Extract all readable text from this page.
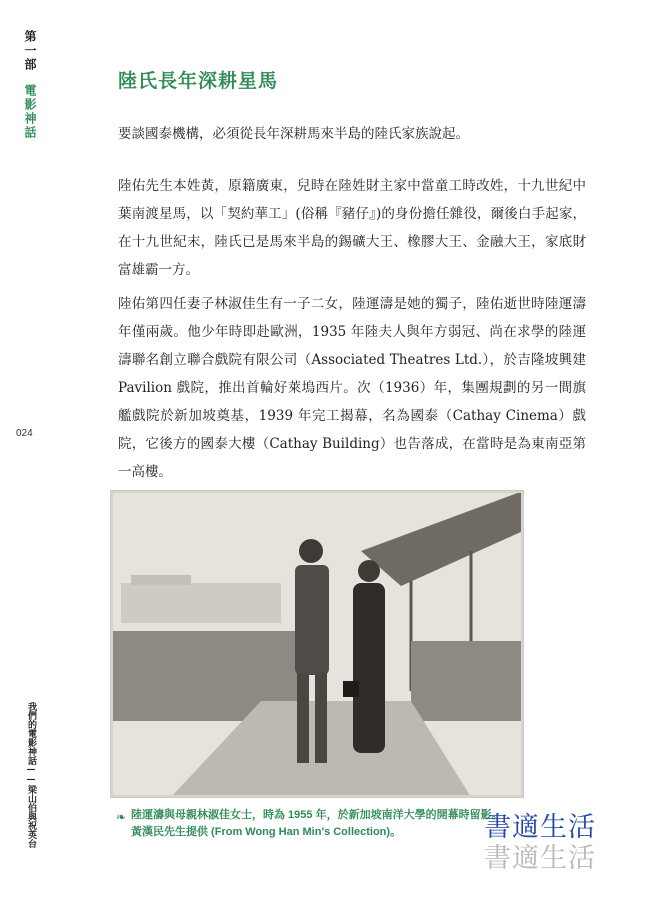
第一部
電影神話
024
我們的電影神話——梁山伯與祝英台
陸氏長年深耕星馬

要談國泰機構，必須從長年深耕馬來半島的陸氏家族說起。

陸佑先生本姓黃，原籍廣東，兒時在陸姓財主家中當童工時改姓，十九世紀中葉南渡星馬，以「契約華工」(俗稱『豬仔』)的身份擔任雜役，爾後白手起家，在十九世紀末，陸氏已是馬來半島的錫礦大王、橡膠大王、金融大王，家底財富雄霸一方。

陸佑第四任妻子林淑佳生有一子二女，陸運濤是她的獨子，陸佑逝世時陸運濤年僅兩歲。他少年時即赴歐洲，1935 年陸夫人與年方弱冠、尚在求學的陸運濤聯名創立聯合戲院有限公司（Associated Theatres Ltd.），於吉隆坡興建 Pavilion 戲院，推出首輪好萊塢西片。次（1936）年，集團規劃的另一間旗艦戲院於新加坡奠基，1939 年完工揭幕，名為國泰（Cathay Cinema）戲院，它後方的國泰大樓（Cathay Building）也告落成，在當時是為東南亞第一高樓。

❧ 陸運濤與母親林淑佳女士，時為 1955 年，於新加坡南洋大學的開幕時留影。
黃漢民先生提供 (From Wong Han Min's Collection)。	書適生活
書適生活
